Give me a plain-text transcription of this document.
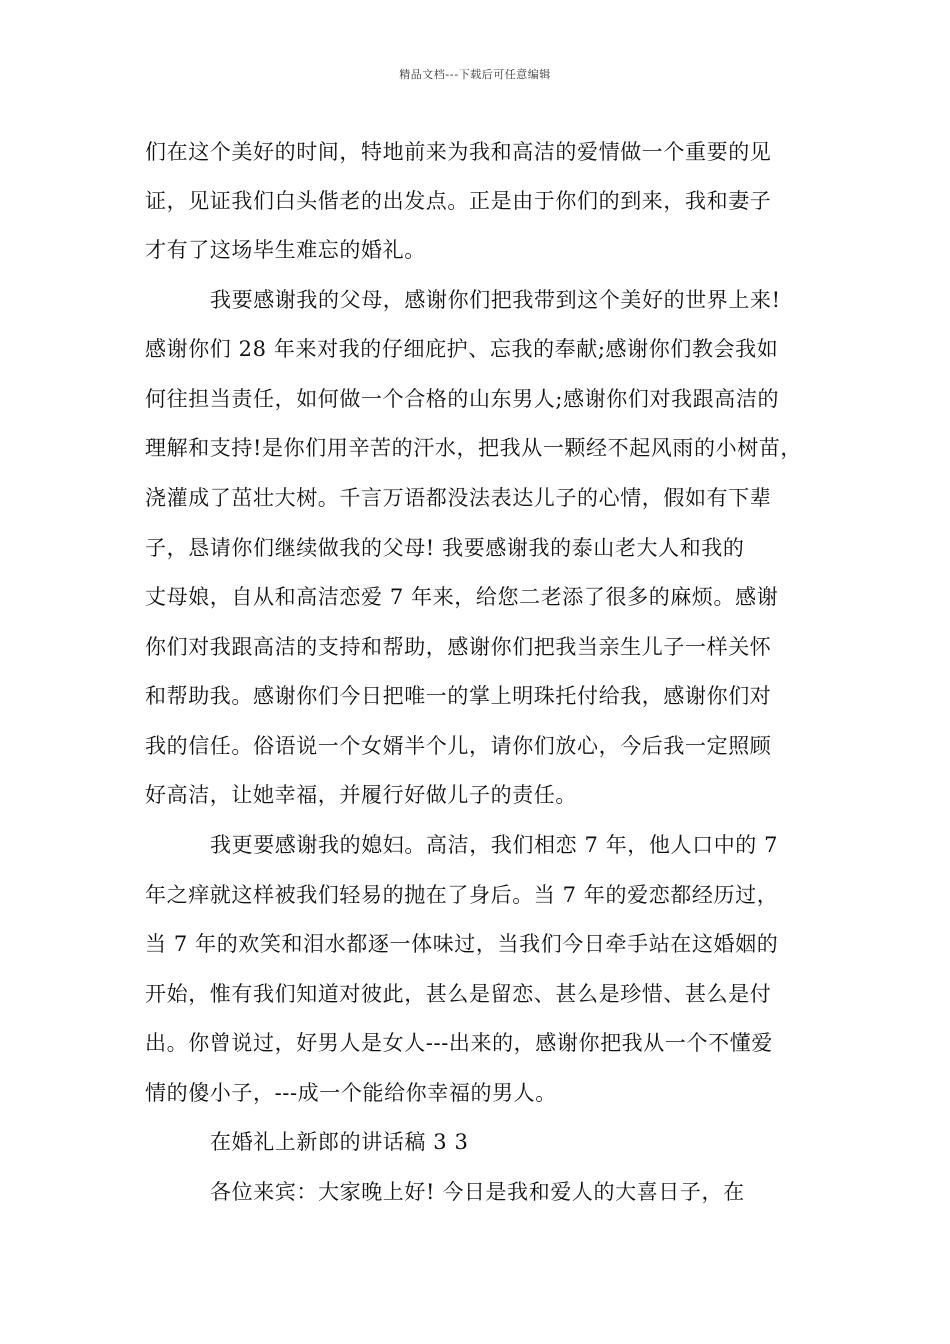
精品文档---下载后可任意编辑
们在这个美好的时间，特地前来为我和高洁的爱情做一个重要的见
证，见证我们白头偕老的出发点。正是由于你们的到来，我和妻子
才有了这场毕生难忘的婚礼。
我要感谢我的父母，感谢你们把我带到这个美好的世界上来!
感谢你们 28 年来对我的仔细庇护、忘我的奉献;感谢你们教会我如
何往担当责任，如何做一个合格的山东男人;感谢你们对我跟高洁的
理解和支持!是你们用辛苦的汗水，把我从一颗经不起风雨的小树苗，
浇灌成了茁壮大树。千言万语都没法表达儿子的心情，假如有下辈
子，恳请你们继续做我的父母! 我要感谢我的泰山老大人和我的
丈母娘，自从和高洁恋爱 7 年来，给您二老添了很多的麻烦。感谢
你们对我跟高洁的支持和帮助，感谢你们把我当亲生儿子一样关怀
和帮助我。感谢你们今日把唯一的掌上明珠托付给我，感谢你们对
我的信任。俗语说一个女婿半个儿，请你们放心，今后我一定照顾
好高洁，让她幸福，并履行好做儿子的责任。
我更要感谢我的媳妇。高洁，我们相恋 7 年，他人口中的 7
年之痒就这样被我们轻易的抛在了身后。当 7 年的爱恋都经历过，
当 7 年的欢笑和泪水都逐一体味过，当我们今日牵手站在这婚姻的
开始，惟有我们知道对彼此，甚么是留恋、甚么是珍惜、甚么是付
出。你曾说过，好男人是女人---出来的，感谢你把我从一个不懂爱
情的傻小子，---成一个能给你幸福的男人。
在婚礼上新郎的讲话稿 3 3
各位来宾：大家晚上好! 今日是我和爱人的大喜日子，在
